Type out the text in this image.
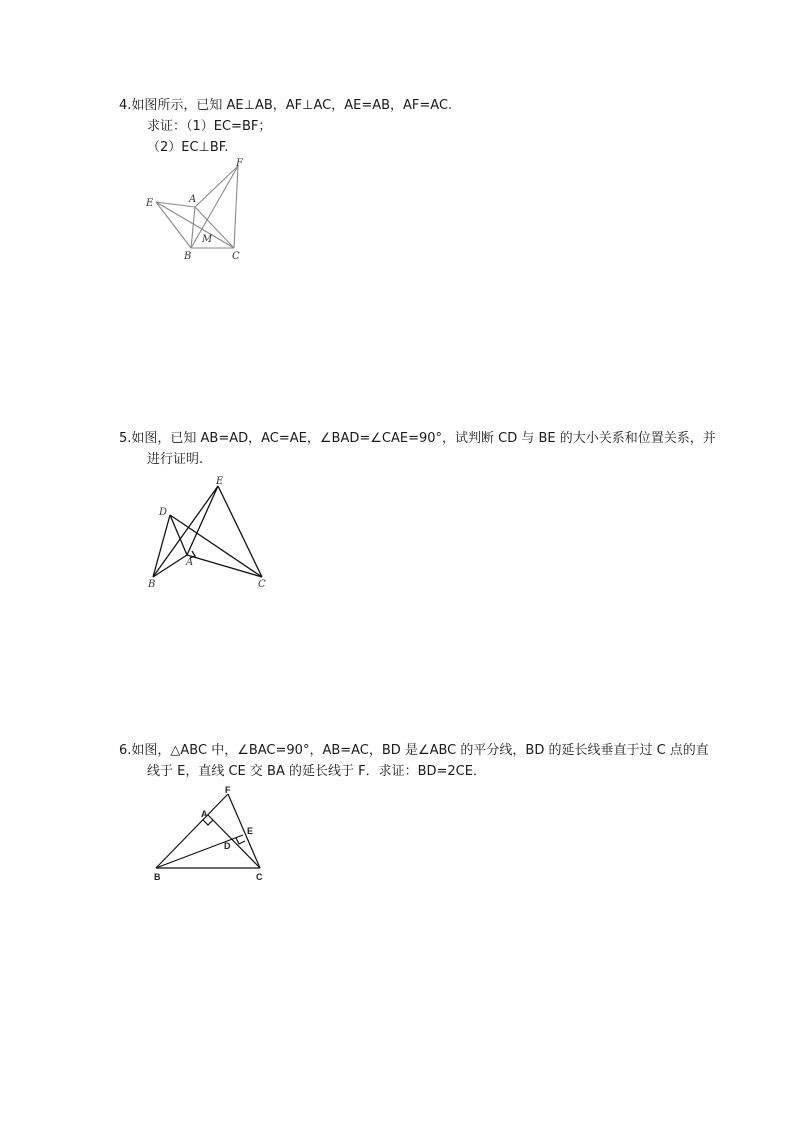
4.如图所示，已知 AE⊥AB，AF⊥AC，AE=AB，AF=AC.
求证：（1）EC=BF；
（2）EC⊥BF.
E	A
F
M
B	C
5.如图，已知 AB=AD，AC=AE，∠BAD=∠CAE=90°，试判断 CD 与 BE 的大小关系和位置关系，并
进行证明.
D
E
A
B	C
6.如图，△ABC 中，∠BAC=90°，AB=AC，BD 是∠ABC 的平分线，BD 的延长线垂直于过 C 点的直
线于 E，直线 CE 交 BA 的延长线于 F．求证：BD=2CE．
F
A
E
D
B	C
